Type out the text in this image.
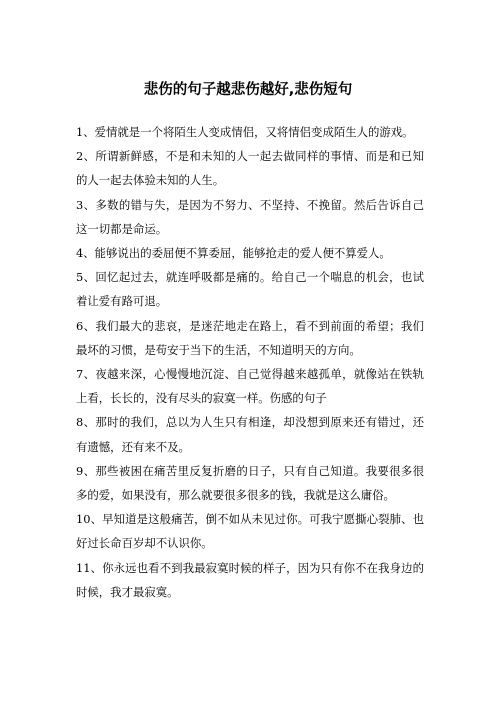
悲伤的句子越悲伤越好,悲伤短句
1、爱情就是一个将陌生人变成情侣，又将情侣变成陌生人的游戏。
2、所谓新鲜感，不是和未知的人一起去做同样的事情、而是和已知的人一起去体验未知的人生。
3、多数的错与失，是因为不努力、不坚持、不挽留。然后告诉自己这一切都是命运。
4、能够说出的委屈便不算委屈，能够抢走的爱人便不算爱人。
5、回忆起过去，就连呼吸都是痛的。给自己一个喘息的机会，也试着让爱有路可退。
6、我们最大的悲哀，是迷茫地走在路上，看不到前面的希望；我们最坏的习惯，是苟安于当下的生活，不知道明天的方向。
7、夜越来深，心慢慢地沉淀、自己觉得越来越孤单，就像站在铁轨上看，长长的，没有尽头的寂寞一样。伤感的句子
8、那时的我们，总以为人生只有相逢，却没想到原来还有错过，还有遗憾，还有来不及。
9、那些被困在痛苦里反复折磨的日子，只有自己知道。我要很多很多的爱，如果没有，那么就要很多很多的钱，我就是这么庸俗。
10、早知道是这般痛苦，倒不如从未见过你。可我宁愿撕心裂肺、也好过长命百岁却不认识你。
11、你永远也看不到我最寂寞时候的样子，因为只有你不在我身边的时候，我才最寂寞。
